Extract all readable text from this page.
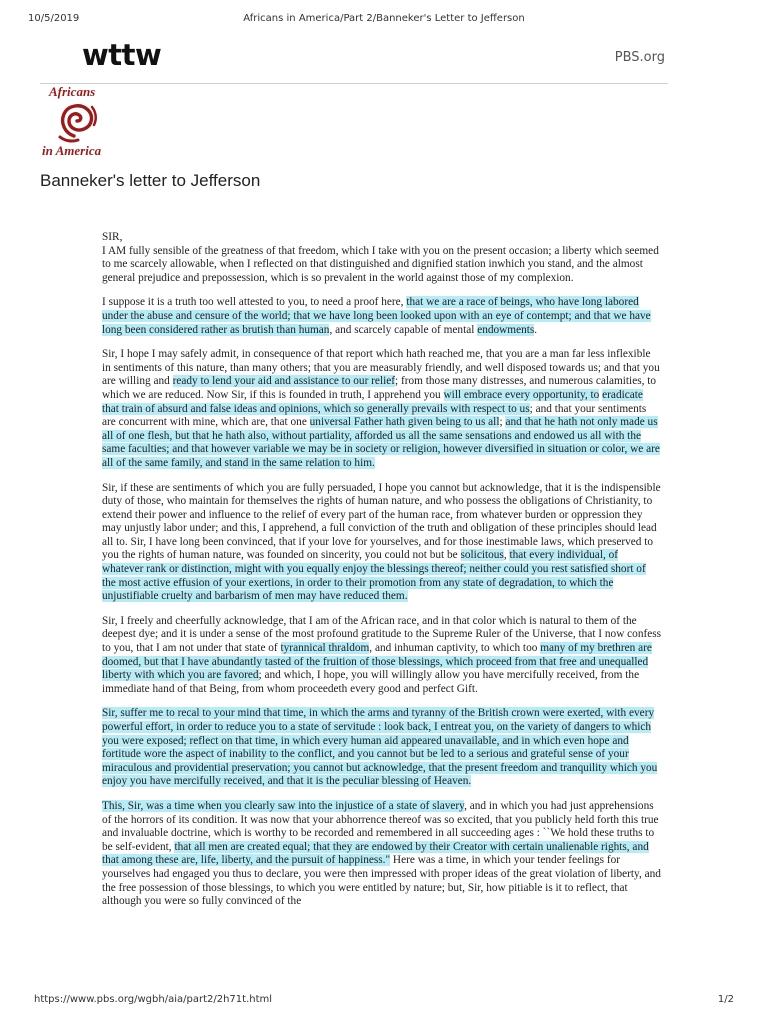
10/5/2019	Africans in America/Part 2/Banneker's Letter to Jefferson
wttw	PBS.org
Africans
in America
Banneker's letter to Jefferson
SIR,

I AM fully sensible of the greatness of that freedom, which I take with you on the present occasion; a liberty which seemed to me scarcely allowable, when I reflected on that distinguished and dignified station inwhich you stand, and the almost general prejudice and prepossession, which is so prevalent in the world against those of my complexion.

I suppose it is a truth too well attested to you, to need a proof here, that we are a race of beings, who have long labored under the abuse and censure of the world; that we have long been looked upon with an eye of contempt; and that we have long been considered rather as brutish than human, and scarcely capable of mental endowments.

Sir, I hope I may safely admit, in consequence of that report which hath reached me, that you are a man far less inflexible in sentiments of this nature, than many others; that you are measurably friendly, and well disposed towards us; and that you are willing and ready to lend your aid and assistance to our relief; from those many distresses, and numerous calamities, to which we are reduced. Now Sir, if this is founded in truth, I apprehend you will embrace every opportunity, to eradicate that train of absurd and false ideas and opinions, which so generally prevails with respect to us; and that your sentiments are concurrent with mine, which are, that one universal Father hath given being to us all; and that he hath not only made us all of one flesh, but that he hath also, without partiality, afforded us all the same sensations and endowed us all with the same faculties; and that however variable we may be in society or religion, however diversified in situation or color, we are all of the same family, and stand in the same relation to him.

Sir, if these are sentiments of which you are fully persuaded, I hope you cannot but acknowledge, that it is the indispensible duty of those, who maintain for themselves the rights of human nature, and who possess the obligations of Christianity, to extend their power and influence to the relief of every part of the human race, from whatever burden or oppression they may unjustly labor under; and this, I apprehend, a full conviction of the truth and obligation of these principles should lead all to. Sir, I have long been convinced, that if your love for yourselves, and for those inestimable laws, which preserved to you the rights of human nature, was founded on sincerity, you could not but be solicitous, that every individual, of whatever rank or distinction, might with you equally enjoy the blessings thereof; neither could you rest satisfied short of the most active effusion of your exertions, in order to their promotion from any state of degradation, to which the unjustifiable cruelty and barbarism of men may have reduced them.

Sir, I freely and cheerfully acknowledge, that I am of the African race, and in that color which is natural to them of the deepest dye; and it is under a sense of the most profound gratitude to the Supreme Ruler of the Universe, that I now confess to you, that I am not under that state of tyrannical thraldom, and inhuman captivity, to which too many of my brethren are doomed, but that I have abundantly tasted of the fruition of those blessings, which proceed from that free and unequalled liberty with which you are favored; and which, I hope, you will willingly allow you have mercifully received, from the immediate hand of that Being, from whom proceedeth every good and perfect Gift.

Sir, suffer me to recal to your mind that time, in which the arms and tyranny of the British crown were exerted, with every powerful effort, in order to reduce you to a state of servitude : look back, I entreat you, on the variety of dangers to which you were exposed; reflect on that time, in which every human aid appeared unavailable, and in which even hope and fortitude wore the aspect of inability to the conflict, and you cannot but be led to a serious and grateful sense of your miraculous and providential preservation; you cannot but acknowledge, that the present freedom and tranquility which you enjoy you have mercifully received, and that it is the peculiar blessing of Heaven.

This, Sir, was a time when you clearly saw into the injustice of a state of slavery, and in which you had just apprehensions of the horrors of its condition. It was now that your abhorrence thereof was so excited, that you publicly held forth this true and invaluable doctrine, which is worthy to be recorded and remembered in all succeeding ages : ``We hold these truths to be self-evident, that all men are created equal; that they are endowed by their Creator with certain unalienable rights, and that among these are, life, liberty, and the pursuit of happiness." Here was a time, in which your tender feelings for yourselves had engaged you thus to declare, you were then impressed with proper ideas of the great violation of liberty, and the free possession of those blessings, to which you were entitled by nature; but, Sir, how pitiable is it to reflect, that although you were so fully convinced of the

https://www.pbs.org/wgbh/aia/part2/2h71t.html	1/2
